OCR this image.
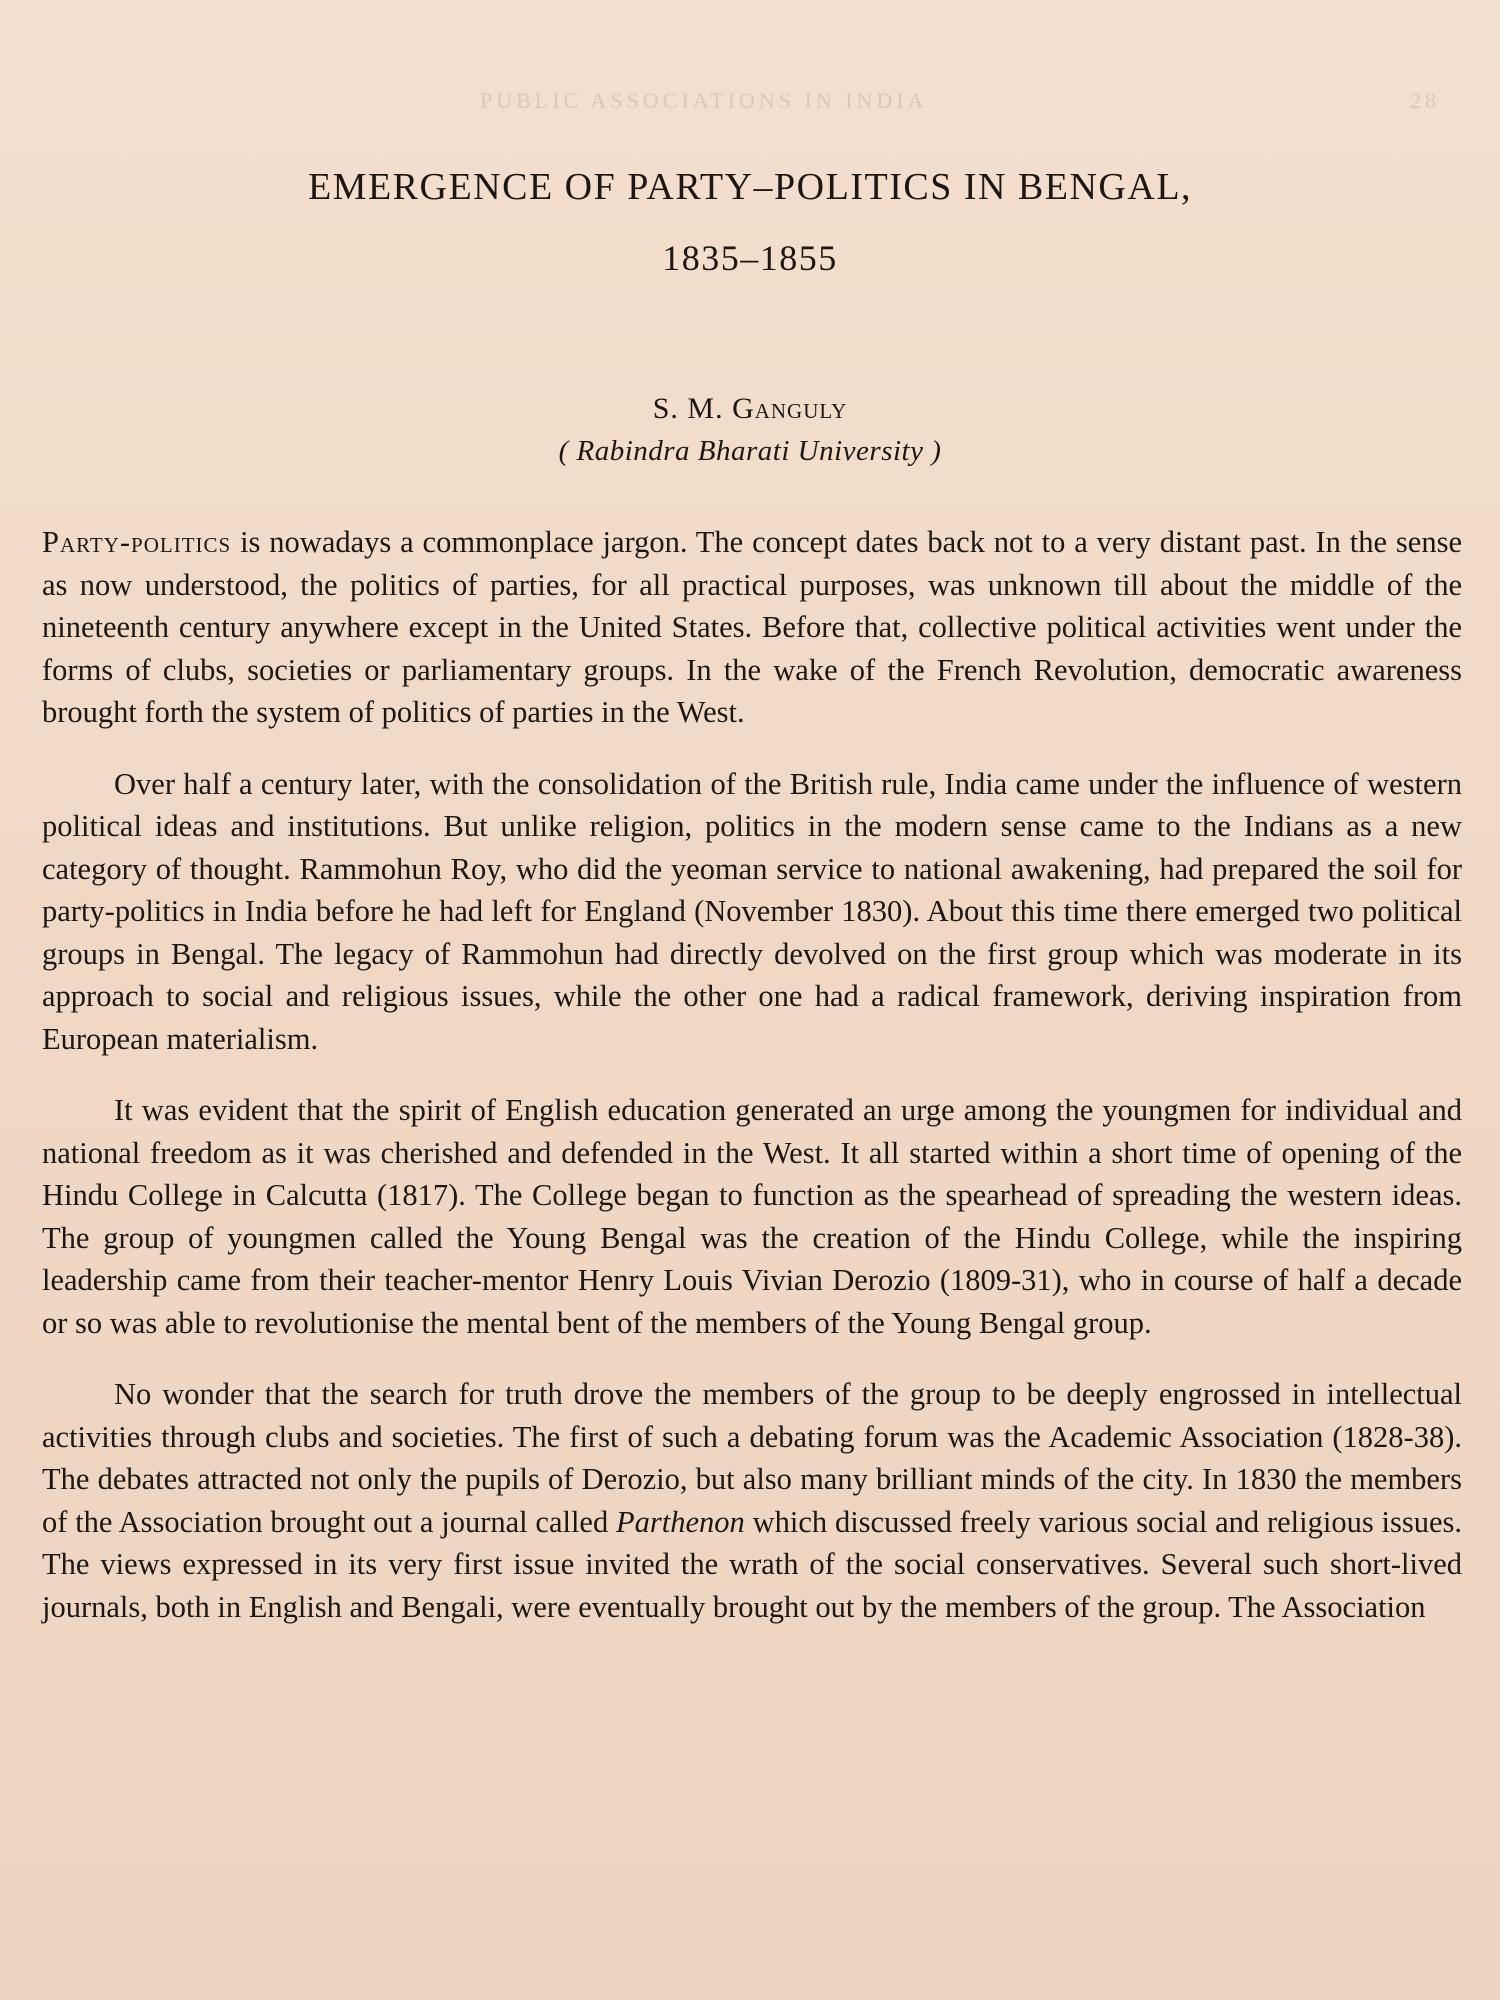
PUBLIC ASSOCIATIONS IN INDIA	28
EMERGENCE OF PARTY–POLITICS IN BENGAL,
1835–1855
S. M. Ganguly
( Rabindra Bharati University )

Party-politics is nowadays a commonplace jargon. The concept dates back not to a very distant past. In the sense as now understood, the politics of parties, for all practical purposes, was unknown till about the middle of the nineteenth century anywhere except in the United States. Before that, collective political activities went under the forms of clubs, societies or parliamentary groups. In the wake of the French Revolution, democratic awareness brought forth the system of politics of parties in the West.

Over half a century later, with the consolidation of the British rule, India came under the influence of western political ideas and institutions. But unlike religion, politics in the modern sense came to the Indians as a new category of thought. Rammohun Roy, who did the yeoman service to national awakening, had prepared the soil for party-politics in India before he had left for England (November 1830). About this time there emerged two political groups in Bengal. The legacy of Rammohun had directly devolved on the first group which was moderate in its approach to social and religious issues, while the other one had a radical framework, deriving inspiration from European materialism.

It was evident that the spirit of English education generated an urge among the youngmen for individual and national freedom as it was cherished and defended in the West. It all started within a short time of opening of the Hindu College in Calcutta (1817). The College began to function as the spearhead of spreading the western ideas. The group of youngmen called the Young Bengal was the creation of the Hindu College, while the inspiring leadership came from their teacher-mentor Henry Louis Vivian Derozio (1809-31), who in course of half a decade or so was able to revolutionise the mental bent of the members of the Young Bengal group.

No wonder that the search for truth drove the members of the group to be deeply engrossed in intellectual activities through clubs and societies. The first of such a debating forum was the Academic Association (1828-38). The debates attracted not only the pupils of Derozio, but also many brilliant minds of the city. In 1830 the members of the Association brought out a journal called Parthenon which discussed freely various social and religious issues. The views expressed in its very first issue invited the wrath of the social conservatives. Several such short-lived journals, both in English and Bengali, were eventually brought out by the members of the group. The Association
